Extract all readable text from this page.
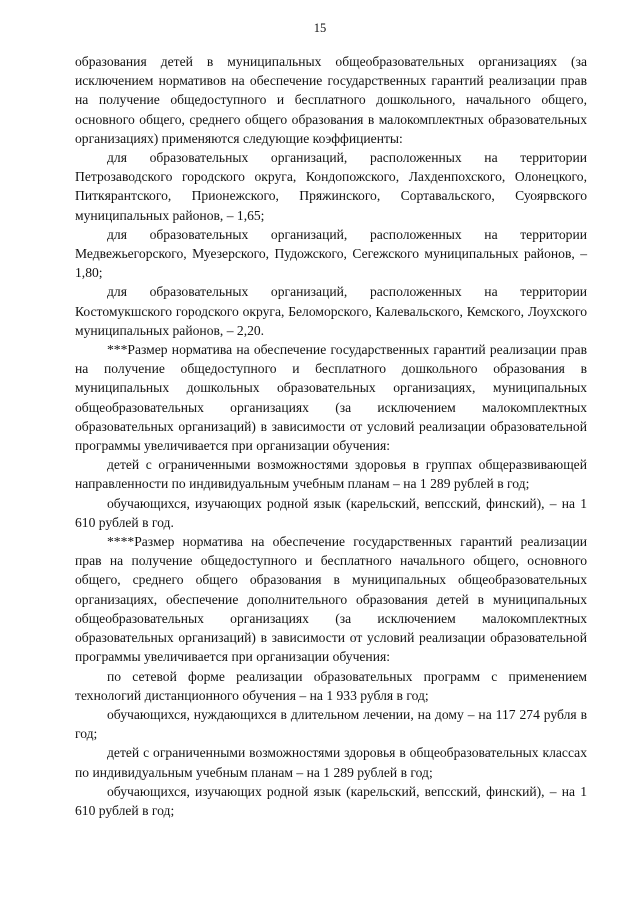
15

образования детей в муниципальных общеобразовательных организациях (за исключением нормативов на обеспечение государственных гарантий реализации прав на получение общедоступного и бесплатного дошкольного, начального общего, основного общего, среднего общего образования в малокомплектных образовательных организациях) применяются следующие коэффициенты:

для образовательных организаций, расположенных на территории Петрозаводского городского округа, Кондопожского, Лахденпохского, Олонецкого, Питкярантского, Прионежского, Пряжинского, Сортавальского, Суоярвского муниципальных районов, – 1,65;

для образовательных организаций, расположенных на территории Медвежьегорского, Муезерского, Пудожского, Сегежского муниципальных районов, – 1,80;

для образовательных организаций, расположенных на территории Костомукшского городского округа, Беломорского, Калевальского, Кемского, Лоухского муниципальных районов, – 2,20.

***Размер норматива на обеспечение государственных гарантий реализации прав на получение общедоступного и бесплатного дошкольного образования в муниципальных дошкольных образовательных организациях, муниципальных общеобразовательных организациях (за исключением малокомплектных образовательных организаций) в зависимости от условий реализации образовательной программы увеличивается при организации обучения:

детей с ограниченными возможностями здоровья в группах общеразвивающей направленности по индивидуальным учебным планам – на 1 289 рублей в год;

обучающихся, изучающих родной язык (карельский, вепсский, финский), – на 1 610 рублей в год.

****Размер норматива на обеспечение государственных гарантий реализации прав на получение общедоступного и бесплатного начального общего, основного общего, среднего общего образования в муниципальных общеобразовательных организациях, обеспечение дополнительного образования детей в муниципальных общеобразовательных организациях (за исключением малокомплектных образовательных организаций) в зависимости от условий реализации образовательной программы увеличивается при организации обучения:

по сетевой форме реализации образовательных программ с применением технологий дистанционного обучения – на 1 933 рубля в год;

обучающихся, нуждающихся в длительном лечении, на дому – на 117 274 рубля в год;

детей с ограниченными возможностями здоровья в общеобразовательных классах по индивидуальным учебным планам – на 1 289 рублей в год;

обучающихся, изучающих родной язык (карельский, вепсский, финский), – на 1 610 рублей в год;
